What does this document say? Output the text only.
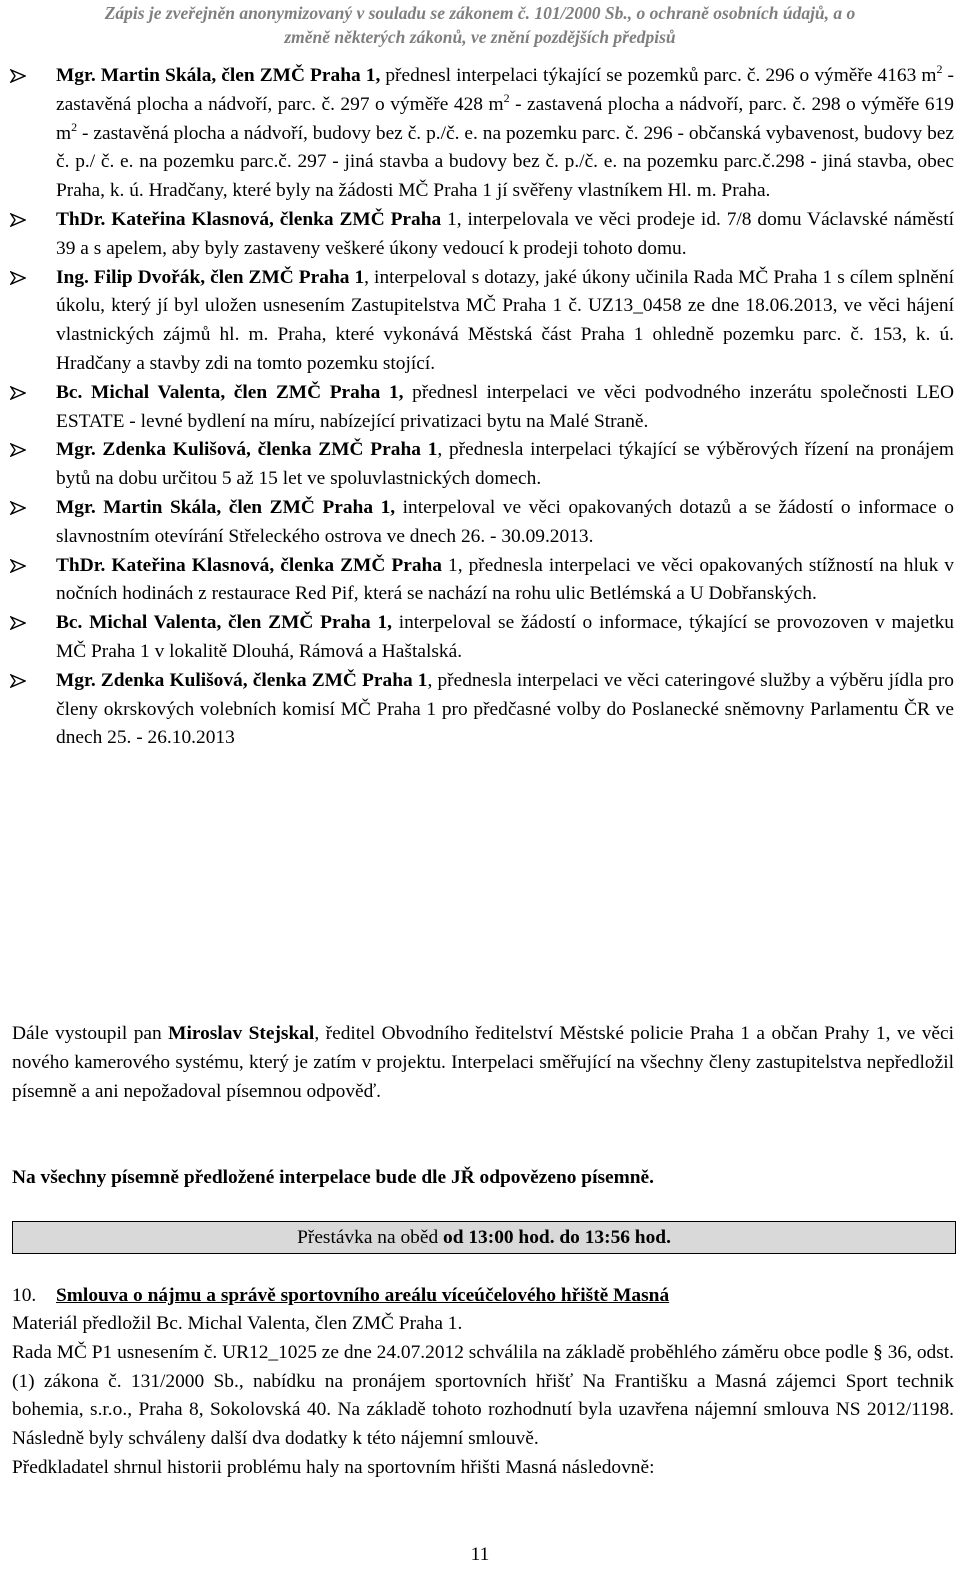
Zápis je zveřejněn anonymizovaný v souladu se zákonem č. 101/2000 Sb., o ochraně osobních údajů, a o
změně některých zákonů, ve znění pozdějších předpisů
Mgr. Martin Skála, člen ZMČ Praha 1, přednesl interpelaci týkající se pozemků parc. č. 296 o výměře 4163 $m^2$ - zastavěná plocha a nádvoří, parc. č. 297 o výměře 428 $m^2$ - zastavená plocha a nádvoří, parc. č. 298 o výměře 619 $m^2$ - zastavěná plocha a nádvoří, budovy bez č. p./č. e. na pozemku parc. č. 296 - občanská vybavenost, budovy bez č. p./ č. e. na pozemku parc.č. 297 - jiná stavba a budovy bez č. p./č. e. na pozemku parc.č.298 - jiná stavba, obec Praha, k. ú. Hradčany, které byly na žádosti MČ Praha 1 jí svěřeny vlastníkem Hl. m. Praha.
ThDr. Kateřina Klasnová, členka ZMČ Praha 1, interpelovala ve věci prodeje id. 7/8 domu Václavské náměstí 39 a s apelem, aby byly zastaveny veškeré úkony vedoucí k prodeji tohoto domu.
Ing. Filip Dvořák, člen ZMČ Praha 1, interpeloval s dotazy, jaké úkony učinila Rada MČ Praha 1 s cílem splnění úkolu, který jí byl uložen usnesením Zastupitelstva MČ Praha 1 č. UZ13_0458 ze dne 18.06.2013, ve věci hájení vlastnických zájmů hl. m. Praha, které vykonává Městská část Praha 1 ohledně pozemku parc. č. 153, k. ú. Hradčany a stavby zdi na tomto pozemku stojící.
Bc. Michal Valenta, člen ZMČ Praha 1, přednesl interpelaci ve věci podvodného inzerátu společnosti LEO ESTATE - levné bydlení na míru, nabízející privatizaci bytu na Malé Straně.
Mgr. Zdenka Kulišová, členka ZMČ Praha 1, přednesla interpelaci týkající se výběrových řízení na pronájem bytů na dobu určitou 5 až 15 let ve spoluvlastnických domech.
Mgr. Martin Skála, člen ZMČ Praha 1, interpeloval ve věci opakovaných dotazů a se žádostí o informace o slavnostním otevírání Střeleckého ostrova ve dnech 26. - 30.09.2013.
ThDr. Kateřina Klasnová, členka ZMČ Praha 1, přednesla interpelaci ve věci opakovaných stížností na hluk v nočních hodinách z restaurace Red Pif, která se nachází na rohu ulic Betlémská a U Dobřanských.
Bc. Michal Valenta, člen ZMČ Praha 1, interpeloval se žádostí o informace, týkající se provozoven v majetku MČ Praha 1 v lokalitě Dlouhá, Rámová a Haštalská.
Mgr. Zdenka Kulišová, členka ZMČ Praha 1, přednesla interpelaci ve věci cateringové služby a výběru jídla pro členy okrskových volebních komisí MČ Praha 1 pro předčasné volby do Poslanecké sněmovny Parlamentu ČR ve dnech 25. - 26.10.2013
Dále vystoupil pan Miroslav Stejskal, ředitel Obvodního ředitelství Městské policie Praha 1 a občan Prahy 1, ve věci nového kamerového systému, který je zatím v projektu. Interpelaci směřující na všechny členy zastupitelstva nepředložil písemně a ani nepožadoval písemnou odpověď.
Na všechny písemně předložené interpelace bude dle JŘ odpovězeno písemně.
Přestávka na oběd od 13:00 hod. do 13:56 hod.
10. Smlouva o nájmu a správě sportovního areálu víceúčelového hřiště Masná
Materiál předložil Bc. Michal Valenta, člen ZMČ Praha 1.
Rada MČ P1 usnesením č. UR12_1025 ze dne 24.07.2012 schválila na základě proběhlého záměru obce podle § 36, odst. (1) zákona č. 131/2000 Sb., nabídku na pronájem sportovních hřišť Na Františku a Masná zájemci Sport technik bohemia, s.r.o., Praha 8, Sokolovská 40. Na základě tohoto rozhodnutí byla uzavřena nájemní smlouva NS 2012/1198. Následně byly schváleny další dva dodatky k této nájemní smlouvě.
Předkladatel shrnul historii problému haly na sportovním hřišti Masná následovně:
11
